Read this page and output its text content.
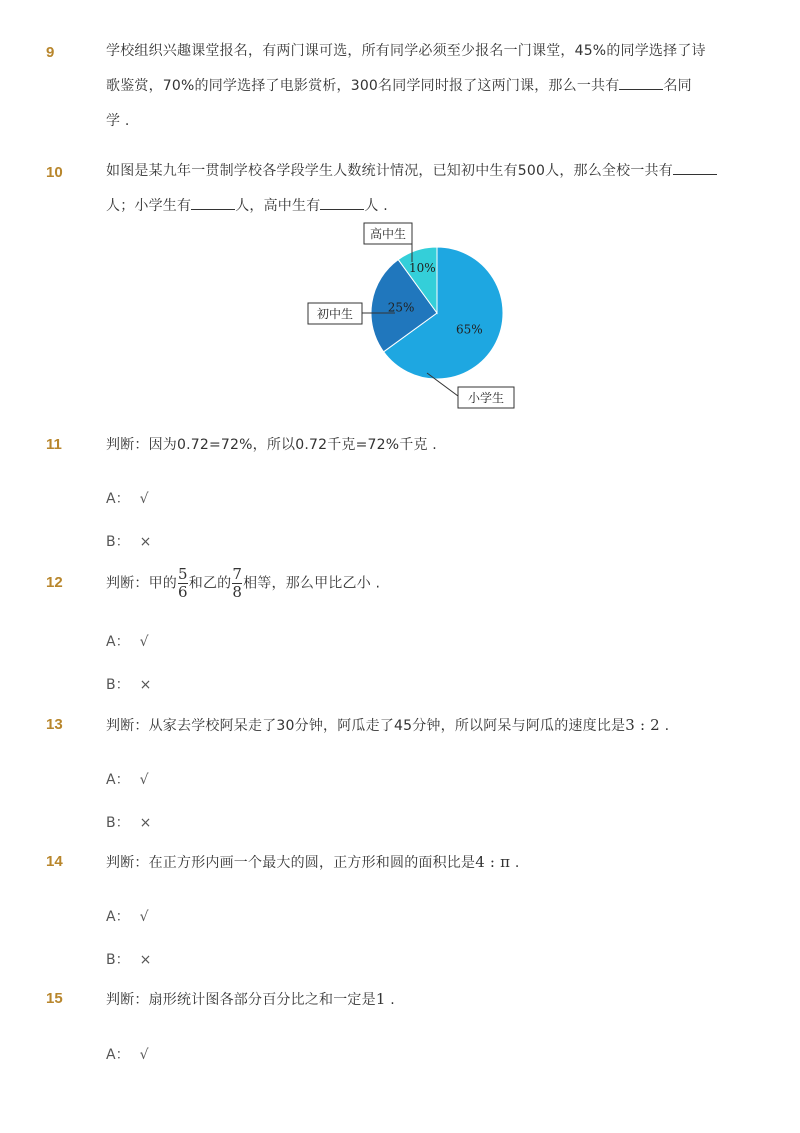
9	学校组织兴趣课堂报名，有两门课可选，所有同学必须至少报名一门课堂，45%的同学选择了诗
歌鉴赏，70%的同学选择了电影赏析，300名同学同时报了这两门课，那么一共有	名同
学 .
10	如图是某九年一贯制学校各学段学生人数统计情况，已知初中生有500人，那么全校一共有
人；小学生有	人，高中生有	人 .
65%
25%
10%
小学生
初中生
高中生
11	判断：因为0.72=72%，所以0.72千克=72%千克 .
A： √
B： ×
12	判断：甲的 $\frac{5}{6}$ 和乙的 $\frac{7}{8}$ 相等，那么甲比乙小 .
A： √
B： ×
13	判断：从家去学校阿呆走了30分钟，阿瓜走了45分钟，所以阿呆与阿瓜的速度比是3 : 2 .
A： √
B： ×
14	判断：在正方形内画一个最大的圆，正方形和圆的面积比是4 : π .
A： √
B： ×
15	判断：扇形统计图各部分百分比之和一定是1 .
A： √
